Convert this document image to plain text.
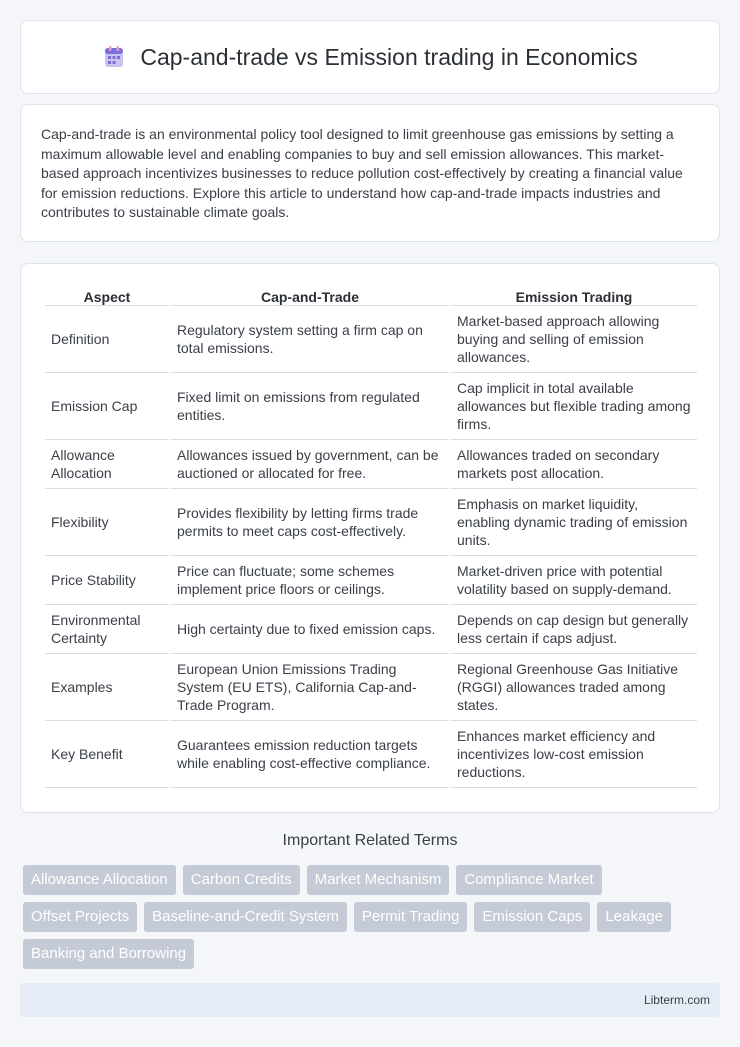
Cap-and-trade vs Emission trading in Economics

Cap-and-trade is an environmental policy tool designed to limit greenhouse gas emissions by setting a maximum allowable level and enabling companies to buy and sell emission allowances. This market-based approach incentivizes businesses to reduce pollution cost-effectively by creating a financial value for emission reductions. Explore this article to understand how cap-and-trade impacts industries and contributes to sustainable climate goals.

Aspect	Cap-and-Trade	Emission Trading
Definition	Regulatory system setting a firm cap on total emissions.	Market-based approach allowing buying and selling of emission allowances.
Emission Cap	Fixed limit on emissions from regulated entities.	Cap implicit in total available allowances but flexible trading among firms.
Allowance Allocation	Allowances issued by government, can be auctioned or allocated for free.	Allowances traded on secondary markets post allocation.
Flexibility	Provides flexibility by letting firms trade permits to meet caps cost-effectively.	Emphasis on market liquidity, enabling dynamic trading of emission units.
Price Stability	Price can fluctuate; some schemes implement price floors or ceilings.	Market-driven price with potential volatility based on supply-demand.
Environmental Certainty	High certainty due to fixed emission caps.	Depends on cap design but generally less certain if caps adjust.
Examples	European Union Emissions Trading System (EU ETS), California Cap-and-Trade Program.	Regional Greenhouse Gas Initiative (RGGI) allowances traded among states.
Key Benefit	Guarantees emission reduction targets while enabling cost-effective compliance.	Enhances market efficiency and incentivizes low-cost emission reductions.
Important Related Terms
Allowance Allocation	Carbon Credits	Market Mechanism	Compliance Market
Offset Projects	Baseline-and-Credit System	Permit Trading	Emission Caps	Leakage
Banking and Borrowing
Libterm.com
